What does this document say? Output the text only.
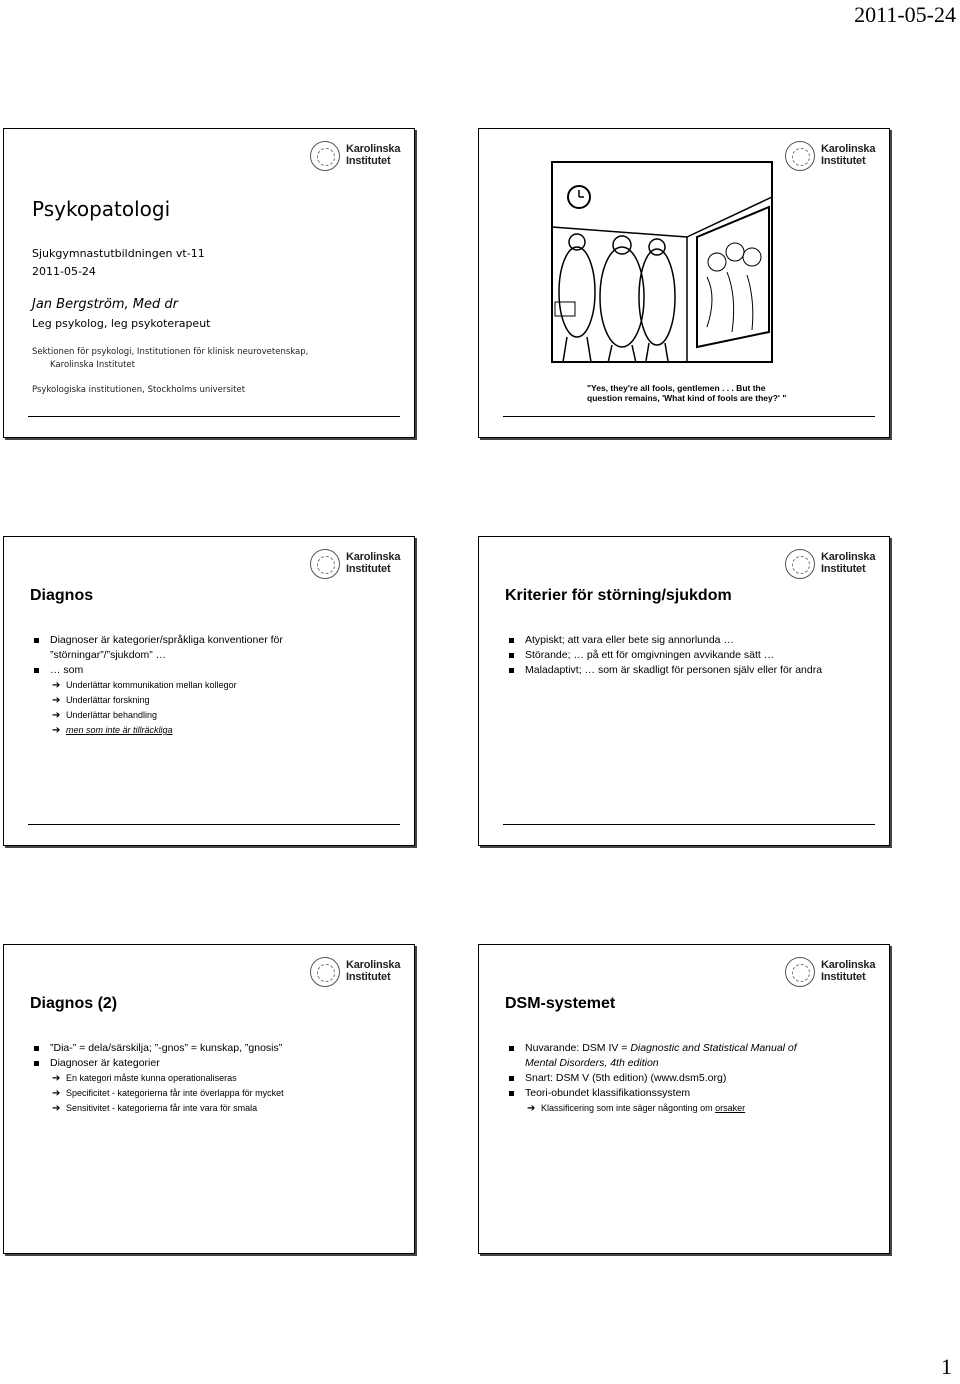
2011-05-24
1
Karolinska
Institutet
Psykopatologi
Sjukgymnastutbildningen vt-11
2011-05-24
Jan Bergström, Med dr
Leg psykolog, leg psykoterapeut
Sektionen för psykologi, Institutionen för klinisk neurovetenskap,
Karolinska Institutet
Psykologiska institutionen, Stockholms universitet
Karolinska
Institutet
"Yes, they're all fools, gentlemen . . . But the
question remains, 'What kind of fools are they?' "
Karolinska
Institutet
Diagnos
Diagnoser är kategorier/språkliga konventioner för
”störningar”/”sjukdom” …
… som
➔ Underlättar kommunikation mellan kollegor
➔ Underlättar forskning
➔ Underlättar behandling
➔ men som inte är tillräckliga
Karolinska
Institutet
Kriterier för störning/sjukdom
Atypiskt; att vara eller bete sig annorlunda …
Störande; … på ett för omgivningen avvikande sätt …
Maladaptivt; … som är skadligt för personen själv eller för andra
Karolinska
Institutet
Diagnos (2)
”Dia-” = dela/särskilja; ”-gnos” = kunskap, ”gnosis”
Diagnoser är kategorier
➔ En kategori måste kunna operationaliseras
➔ Specificitet - kategorierna får inte överlappa för mycket
➔ Sensitivitet - kategorierna får inte vara för smala
Karolinska
Institutet
DSM-systemet
Nuvarande: DSM IV = Diagnostic and Statistical Manual of
Mental Disorders, 4th edition
Snart: DSM V (5th edition) (www.dsm5.org)
Teori-obundet klassifikationssystem
➔ Klassificering som inte säger någonting om orsaker
